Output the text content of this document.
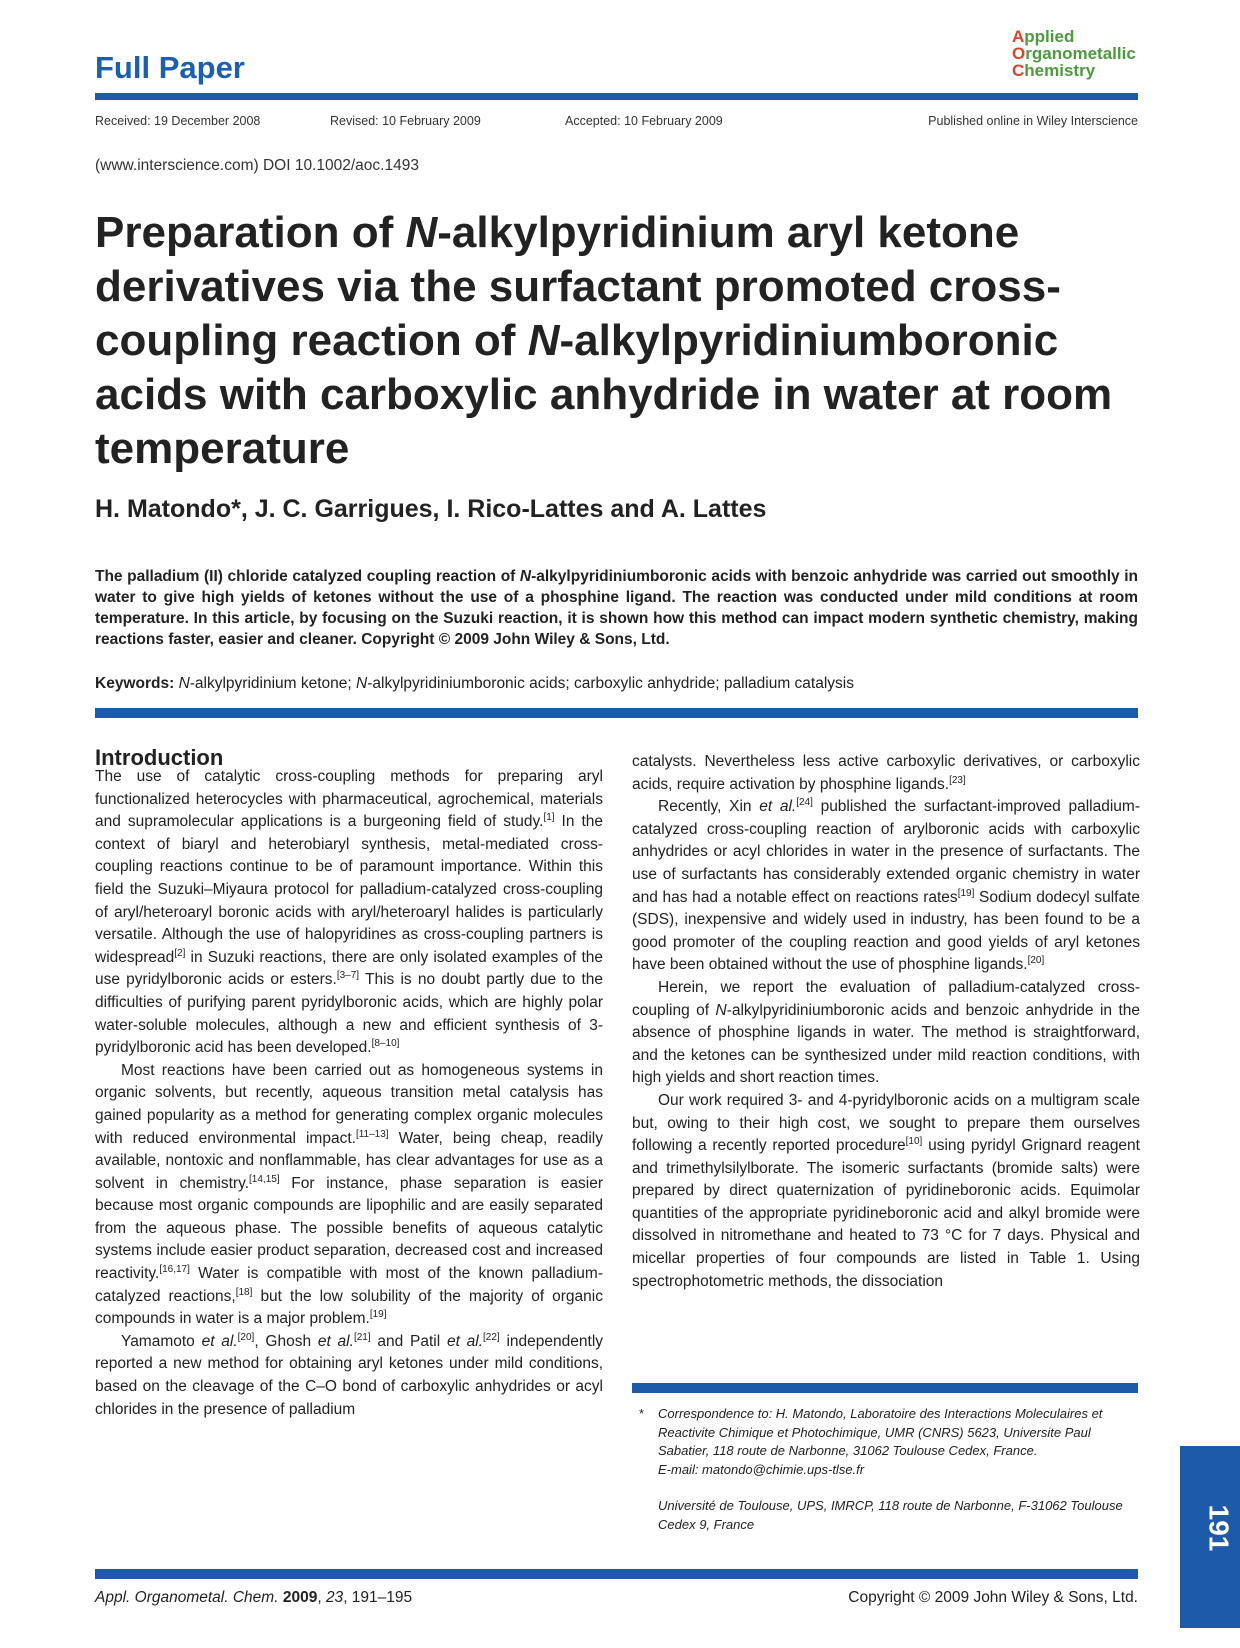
Full Paper
Applied
Organometallic
Chemistry
Received: 19 December 2008	Revised: 10 February 2009	Accepted: 10 February 2009	Published online in Wiley Interscience
(www.interscience.com) DOI 10.1002/aoc.1493
Preparation of N-alkylpyridinium aryl ketone derivatives via the surfactant promoted cross-coupling reaction of N-alkylpyridiniumboronic acids with carboxylic anhydride in water at room temperature
H. Matondo*, J. C. Garrigues, I. Rico-Lattes and A. Lattes
The palladium (II) chloride catalyzed coupling reaction of N-alkylpyridiniumboronic acids with benzoic anhydride was carried out smoothly in water to give high yields of ketones without the use of a phosphine ligand. The reaction was conducted under mild conditions at room temperature. In this article, by focusing on the Suzuki reaction, it is shown how this method can impact modern synthetic chemistry, making reactions faster, easier and cleaner. Copyright © 2009 John Wiley & Sons, Ltd.
Keywords: N-alkylpyridinium ketone; N-alkylpyridiniumboronic acids; carboxylic anhydride; palladium catalysis
Introduction

The use of catalytic cross-coupling methods for preparing aryl functionalized heterocycles with pharmaceutical, agrochemical, materials and supramolecular applications is a burgeoning field of study.[1] In the context of biaryl and heterobiaryl synthesis, metal-mediated cross-coupling reactions continue to be of paramount importance. Within this field the Suzuki–Miyaura protocol for palladium-catalyzed cross-coupling of aryl/heteroaryl boronic acids with aryl/heteroaryl halides is particularly versatile. Although the use of halopyridines as cross-coupling partners is widespread[2] in Suzuki reactions, there are only isolated examples of the use pyridylboronic acids or esters.[3–7] This is no doubt partly due to the difficulties of purifying parent pyridylboronic acids, which are highly polar water-soluble molecules, although a new and efficient synthesis of 3-pyridylboronic acid has been developed.[8–10]

Most reactions have been carried out as homogeneous systems in organic solvents, but recently, aqueous transition metal catalysis has gained popularity as a method for generating complex organic molecules with reduced environmental impact.[11–13] Water, being cheap, readily available, nontoxic and nonflammable, has clear advantages for use as a solvent in chemistry.[14,15] For instance, phase separation is easier because most organic compounds are lipophilic and are easily separated from the aqueous phase. The possible benefits of aqueous catalytic systems include easier product separation, decreased cost and increased reactivity.[16,17] Water is compatible with most of the known palladium-catalyzed reactions,[18] but the low solubility of the majority of organic compounds in water is a major problem.[19]

Yamamoto et al.[20], Ghosh et al.[21] and Patil et al.[22] independently reported a new method for obtaining aryl ketones under mild conditions, based on the cleavage of the C–O bond of carboxylic anhydrides or acyl chlorides in the presence of palladium

catalysts. Nevertheless less active carboxylic derivatives, or carboxylic acids, require activation by phosphine ligands.[23]

Recently, Xin et al.[24] published the surfactant-improved palladium-catalyzed cross-coupling reaction of arylboronic acids with carboxylic anhydrides or acyl chlorides in water in the presence of surfactants. The use of surfactants has considerably extended organic chemistry in water and has had a notable effect on reactions rates[19] Sodium dodecyl sulfate (SDS), inexpensive and widely used in industry, has been found to be a good promoter of the coupling reaction and good yields of aryl ketones have been obtained without the use of phosphine ligands.[20]

Herein, we report the evaluation of palladium-catalyzed cross-coupling of N-alkylpyridiniumboronic acids and benzoic anhydride in the absence of phosphine ligands in water. The method is straightforward, and the ketones can be synthesized under mild reaction conditions, with high yields and short reaction times.

Our work required 3- and 4-pyridylboronic acids on a multigram scale but, owing to their high cost, we sought to prepare them ourselves following a recently reported procedure[10] using pyridyl Grignard reagent and trimethylsilylborate. The isomeric surfactants (bromide salts) were prepared by direct quaternization of pyridineboronic acids. Equimolar quantities of the appropriate pyridineboronic acid and alkyl bromide were dissolved in nitromethane and heated to 73 °C for 7 days. Physical and micellar properties of four compounds are listed in Table 1. Using spectrophotometric methods, the dissociation

* Correspondence to: H. Matondo, Laboratoire des Interactions Moleculaires et Reactivite Chimique et Photochimique, UMR (CNRS) 5623, Universite Paul Sabatier, 118 route de Narbonne, 31062 Toulouse Cedex, France.
E-mail: matondo@chimie.ups-tlse.fr
Université de Toulouse, UPS, IMRCP, 118 route de Narbonne, F-31062 Toulouse Cedex 9, France	191
Appl. Organometal. Chem. 2009, 23, 191–195	Copyright © 2009 John Wiley & Sons, Ltd.
